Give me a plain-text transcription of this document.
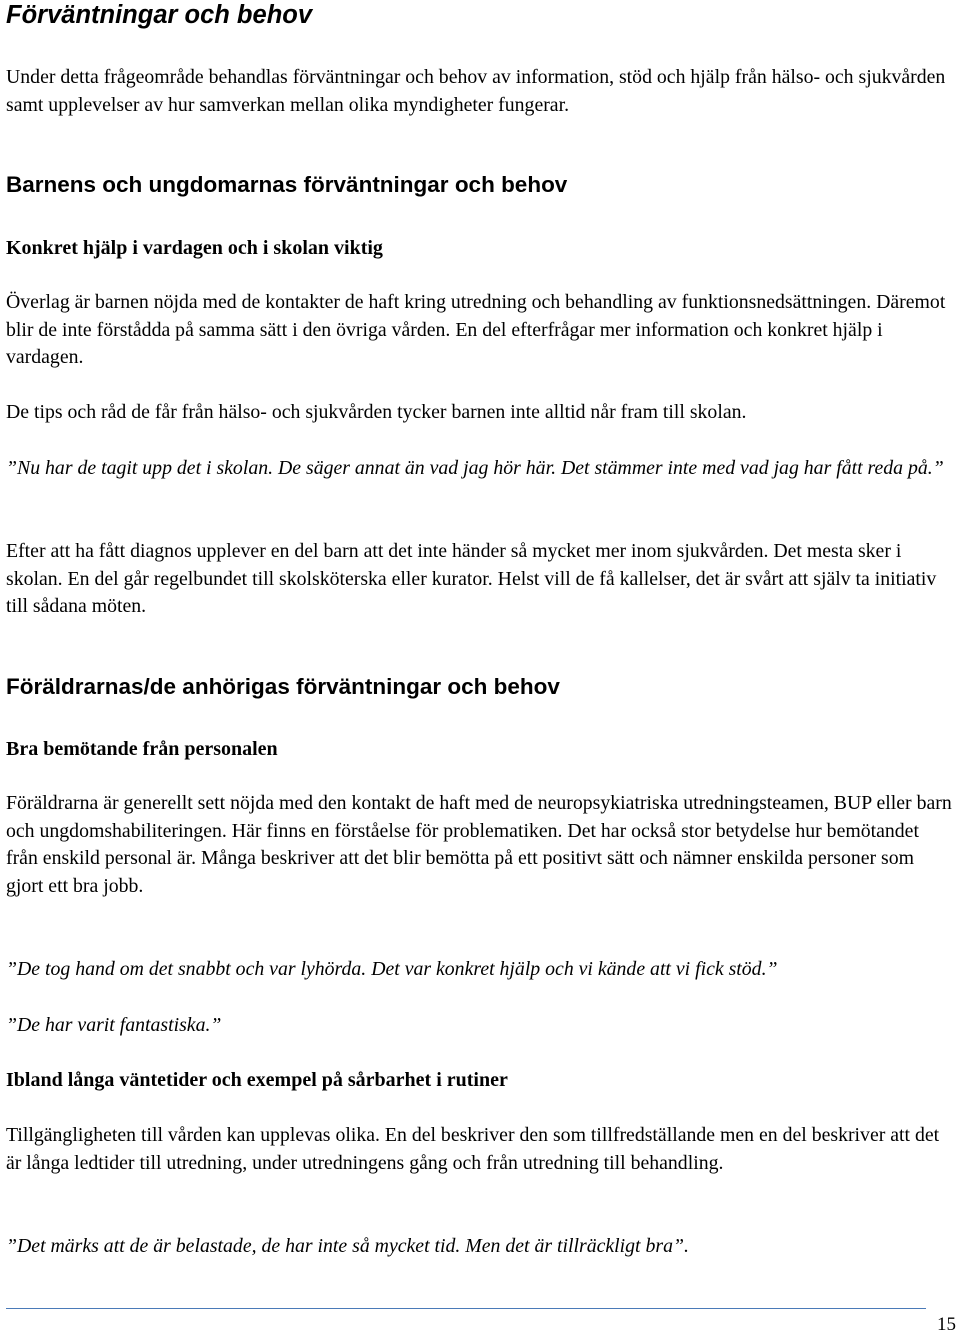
Förväntningar och behov

Under detta frågeområde behandlas förväntningar och behov av information, stöd och hjälp från hälso- och sjukvården samt upplevelser av hur samverkan mellan olika myndigheter fungerar.

Barnens och ungdomarnas förväntningar och behov
Konkret hjälp i vardagen och i skolan viktig

Överlag är barnen nöjda med de kontakter de haft kring utredning och behandling av funktionsnedsättningen. Däremot blir de inte förstådda på samma sätt i den övriga vården. En del efterfrågar mer information och konkret hjälp i vardagen.

De tips och råd de får från hälso- och sjukvården tycker barnen inte alltid når fram till skolan.

”Nu har de tagit upp det i skolan. De säger annat än vad jag hör här. Det stämmer inte med vad jag har fått reda på.”

Efter att ha fått diagnos upplever en del barn att det inte händer så mycket mer inom sjukvården. Det mesta sker i skolan. En del går regelbundet till skolsköterska eller kurator. Helst vill de få kallelser, det är svårt att själv ta initiativ till sådana möten.

Föräldrarnas/de anhörigas förväntningar och behov
Bra bemötande från personalen

Föräldrarna är generellt sett nöjda med den kontakt de haft med de neuropsykiatriska utredningsteamen, BUP eller barn och ungdomshabiliteringen. Här finns en förståelse för problematiken. Det har också stor betydelse hur bemötandet från enskild personal är. Många beskriver att det blir bemötta på ett positivt sätt och nämner enskilda personer som gjort ett bra jobb.

”De tog hand om det snabbt och var lyhörda. Det var konkret hjälp och vi kände att vi fick stöd.”

”De har varit fantastiska.”

Ibland långa väntetider och exempel på sårbarhet i rutiner

Tillgängligheten till vården kan upplevas olika. En del beskriver den som tillfredställande men en del beskriver att det är långa ledtider till utredning, under utredningens gång och från utredning till behandling.

”Det märks att de är belastade, de har inte så mycket tid. Men det är tillräckligt bra”.

15
